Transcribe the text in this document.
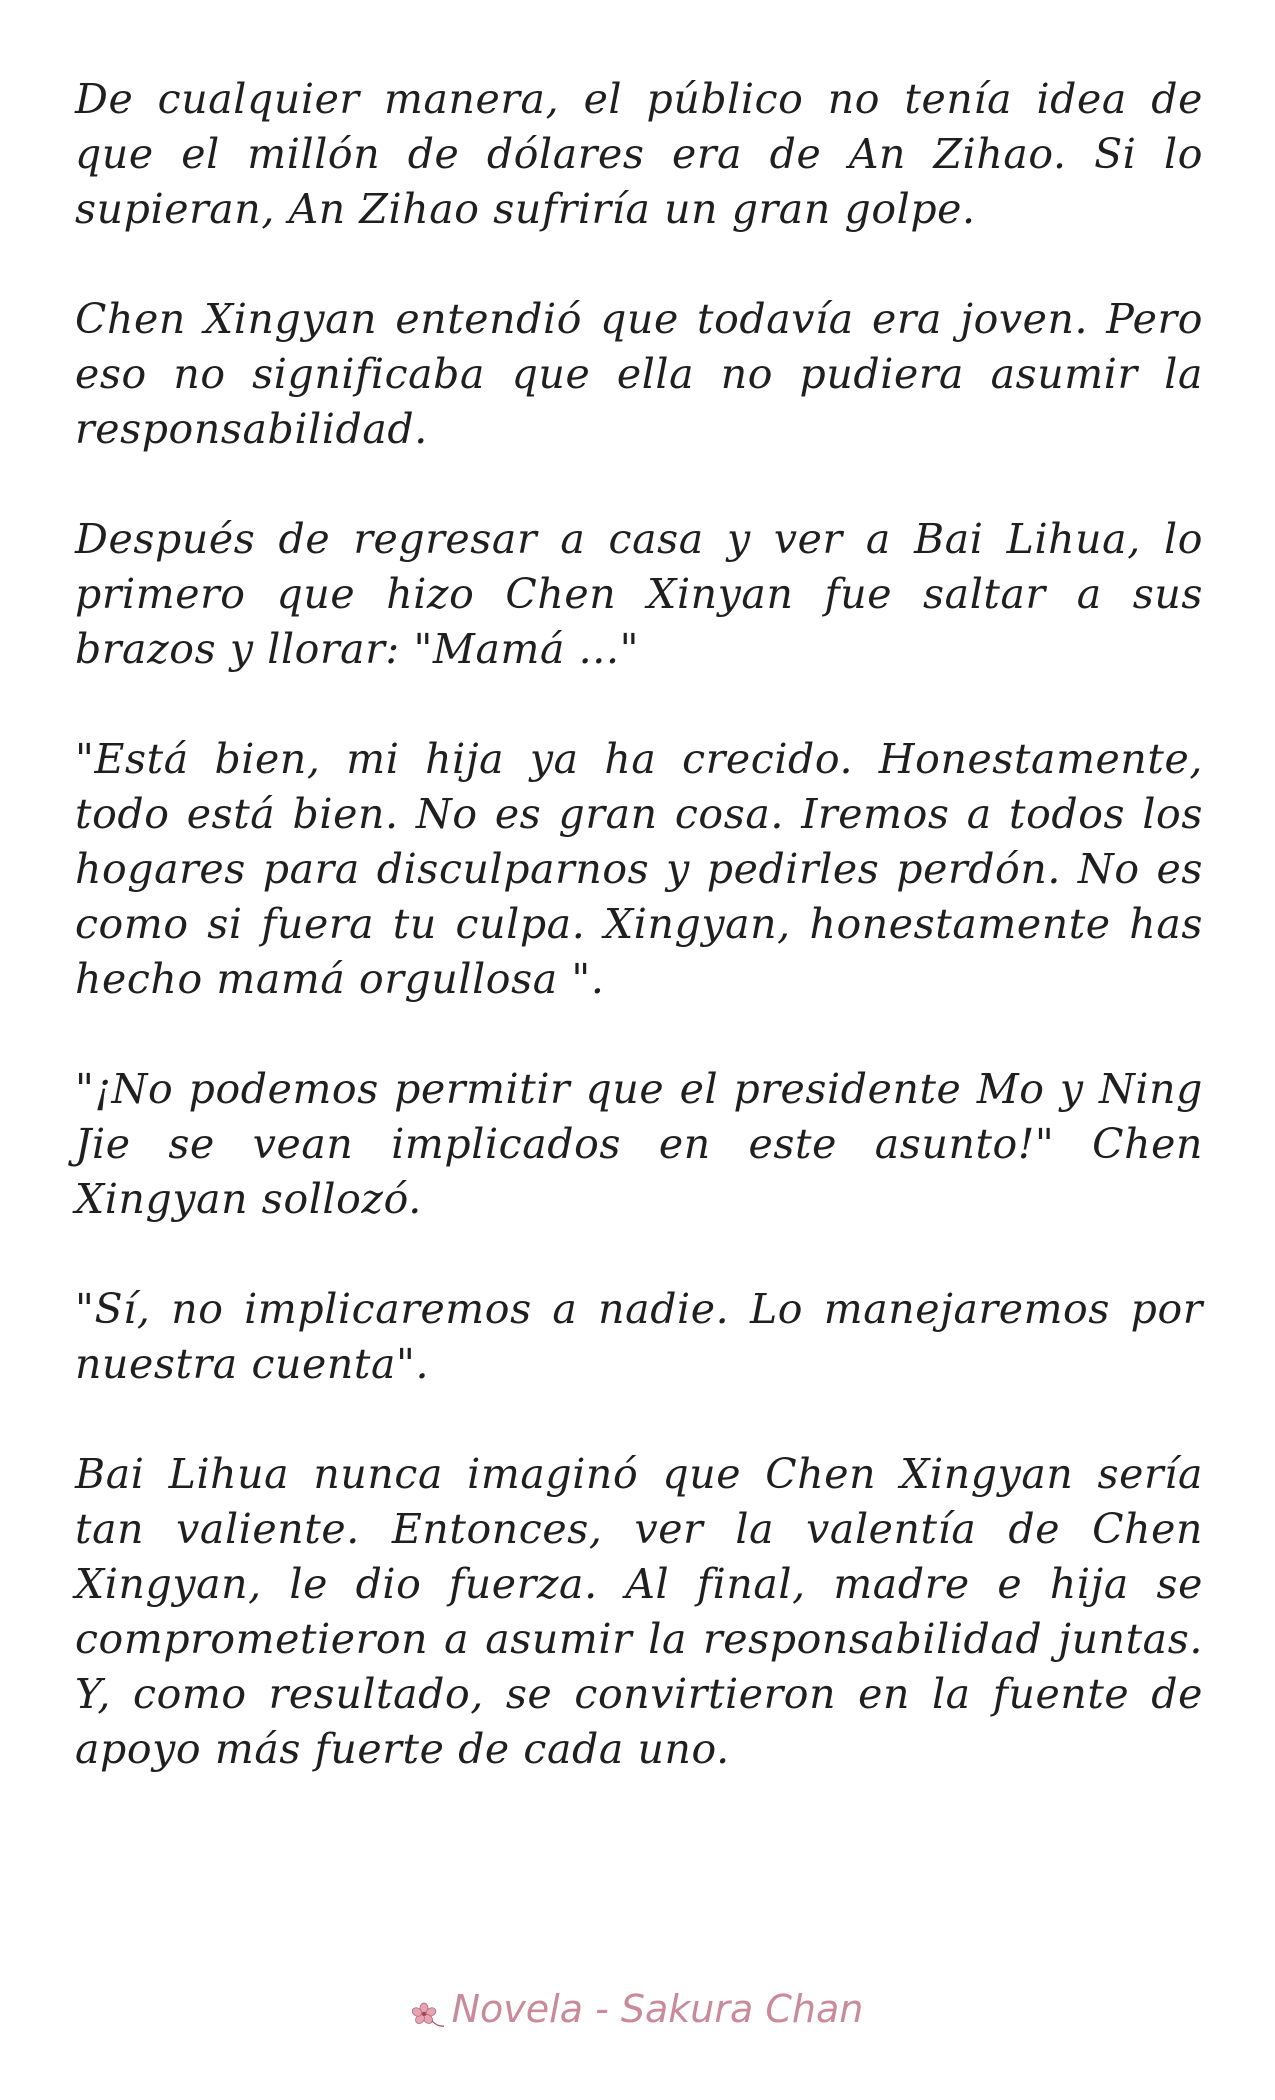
De cualquier manera, el público no tenía idea de que el millón de dólares era de An Zihao. Si lo supieran, An Zihao sufriría un gran golpe.

Chen Xingyan entendió que todavía era joven. Pero eso no significaba que ella no pudiera asumir la responsabilidad.

Después de regresar a casa y ver a Bai Lihua, lo primero que hizo Chen Xinyan fue saltar a sus brazos y llorar: "Mamá ..."

"Está bien, mi hija ya ha crecido. Honestamente, todo está bien. No es gran cosa. Iremos a todos los hogares para disculparnos y pedirles perdón. No es como si fuera tu culpa. Xingyan, honestamente has hecho mamá orgullosa ".

"¡No podemos permitir que el presidente Mo y Ning Jie se vean implicados en este asunto!" Chen Xingyan sollozó.

"Sí, no implicaremos a nadie. Lo manejaremos por nuestra cuenta".

Bai Lihua nunca imaginó que Chen Xingyan sería tan valiente. Entonces, ver la valentía de Chen Xingyan, le dio fuerza. Al final, madre e hija se comprometieron a asumir la responsabilidad juntas. Y, como resultado, se convirtieron en la fuente de apoyo más fuerte de cada uno.

Novela - Sakura Chan
